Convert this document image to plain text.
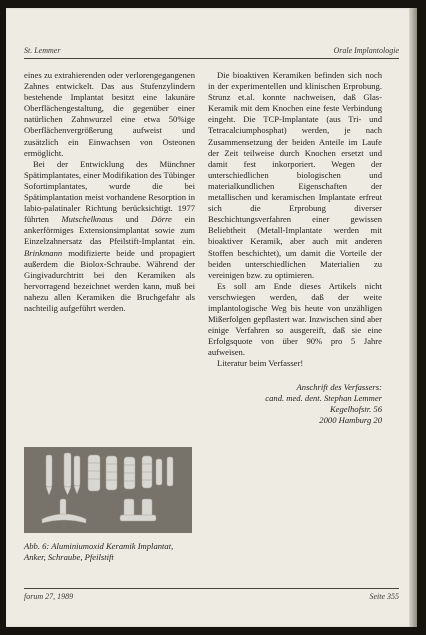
St. Lemmer	Orale Implantologie

eines zu extrahierenden oder verlorengegangenen Zahnes entwickelt. Das aus Stufenzylindern bestehende Implantat besitzt eine lakunäre Oberflächengestaltung, die gegenüber einer natürlichen Zahnwurzel eine etwa 50%ige Oberflächenvergrößerung aufweist und zusätzlich ein Einwachsen von Osteonen ermöglicht.

Bei der Entwicklung des Münchner Spätimplantates, einer Modifikation des Tübinger Sofortimplantates, wurde die bei Spätimplantation meist vorhandene Resorption in labio-palatinaler Richtung berücksichtigt. 1977 führten Mutschelknaus und Dörre ein ankerförmiges Extensionsimplantat sowie zum Einzelzahnersatz das Pfeilstift-Implantat ein. Brinkmann modifizierte beide und propagiert außerdem die Biolox-Schraube. Während der Gingivadurchtritt bei den Keramiken als hervorragend bezeichnet werden kann, muß bei nahezu allen Keramiken die Bruchgefahr als nachteilig aufgeführt werden.

Abb. 6: Aluminiumoxid Keramik Implantat, Anker, Schraube, Pfeilstift

Die bioaktiven Keramiken befinden sich noch in der experimentellen und klinischen Erprobung. Strunz et.al. konnte nachweisen, daß Glas-Keramik mit dem Knochen eine feste Verbindung eingeht. Die TCP-Implantate (aus Tri- und Tetracalciumphosphat) werden, je nach Zusammensetzung der beiden Anteile im Laufe der Zeit teilweise durch Knochen ersetzt und damit fest inkorporiert. Wegen der unterschiedlichen biologischen und materialkundlichen Eigenschaften der metallischen und keramischen Implantate erfreut sich die Erprobung diverser Beschichtungsverfahren einer gewissen Beliebtheit (Metall-Implantate werden mit bioaktiver Keramik, aber auch mit anderen Stoffen beschichtet), um damit die Vorteile der beiden unterschiedlichen Materialien zu vereinigen bzw. zu optimieren.

Es soll am Ende dieses Artikels nicht verschwiegen werden, daß der weite implantologische Weg bis heute von unzähligen Mißerfolgen gepflastert war. Inzwischen sind aber einige Verfahren so ausgereift, daß sie eine Erfolgsquote von über 90% pro 5 Jahre aufweisen.

Literatur beim Verfasser!

Anschrift des Verfassers:
cand. med. dent. Stephan Lemmer
Kegelhofstr. 56
2000 Hamburg 20
forum 27, 1989	Seite 355
